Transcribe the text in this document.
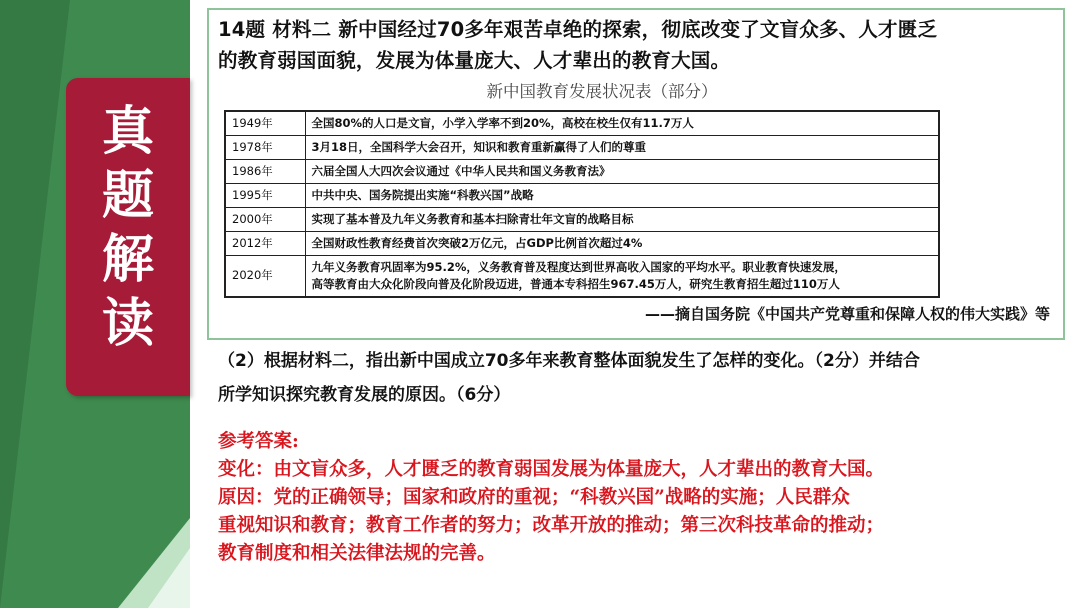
真
题
解
读
14题 材料二 新中国经过70多年艰苦卓绝的探索，彻底改变了文盲众多、人才匮乏
的教育弱国面貌，发展为体量庞大、人才辈出的教育大国。
新中国教育发展状况表（部分）
1949年	全国80%的人口是文盲，小学入学率不到20%，高校在校生仅有11.7万人
1978年	3月18日，全国科学大会召开，知识和教育重新赢得了人们的尊重
1986年	六届全国人大四次会议通过《中华人民共和国义务教育法》
1995年	中共中央、国务院提出实施“科教兴国”战略
2000年	实现了基本普及九年义务教育和基本扫除青壮年文盲的战略目标
2012年	全国财政性教育经费首次突破2万亿元，占GDP比例首次超过4%
2020年	九年义务教育巩固率为95.2%，义务教育普及程度达到世界高收入国家的平均水平。职业教育快速发展，
高等教育由大众化阶段向普及化阶段迈进，普通本专科招生967.45万人，研究生教育招生超过110万人
——摘自国务院《中国共产党尊重和保障人权的伟大实践》等
（2）根据材料二，指出新中国成立70多年来教育整体面貌发生了怎样的变化。（2分）并结合
所学知识探究教育发展的原因。（6分）
参考答案:
变化：由文盲众多，人才匮乏的教育弱国发展为体量庞大，人才辈出的教育大国。
原因：党的正确领导；国家和政府的重视；“科教兴国”战略的实施；人民群众
重视知识和教育；教育工作者的努力；改革开放的推动；第三次科技革命的推动；
教育制度和相关法律法规的完善。
